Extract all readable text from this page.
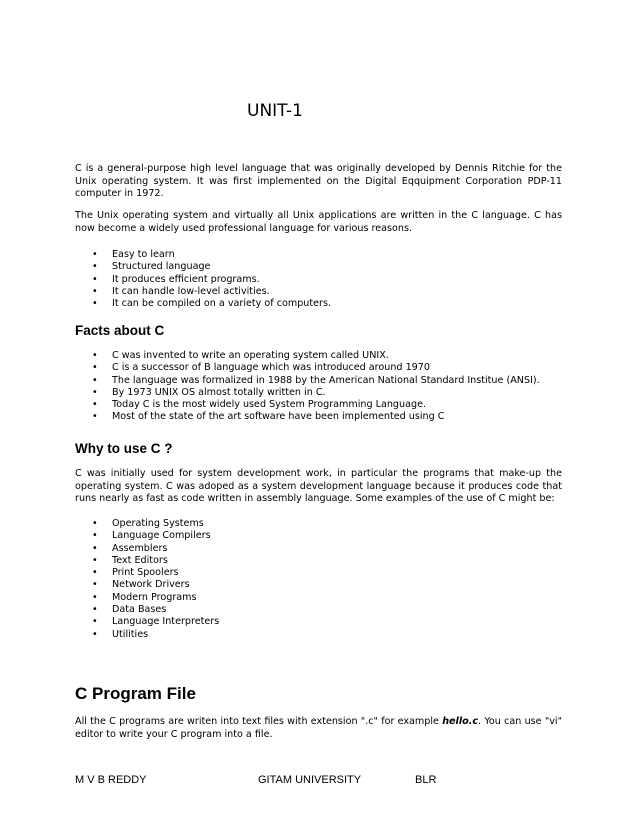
UNIT-1

C is a general-purpose high level language that was originally developed by Dennis Ritchie for the Unix operating system. It was first implemented on the Digital Eqquipment Corporation PDP-11 computer in 1972.

The Unix operating system and virtually all Unix applications are written in the C language. C has now become a widely used professional language for various reasons.

• Easy to learn
• Structured language
• It produces efficient programs.
• It can handle low-level activities.
• It can be compiled on a variety of computers.
Facts about C
• C was invented to write an operating system called UNIX.
• C is a successor of B language which was introduced around 1970
• The language was formalized in 1988 by the American National Standard Institue (ANSI).
• By 1973 UNIX OS almost totally written in C.
• Today C is the most widely used System Programming Language.
• Most of the state of the art software have been implemented using C
Why to use C ?

C was initially used for system development work, in particular the programs that make-up the operating system. C was adoped as a system development language because it produces code that runs nearly as fast as code written in assembly language. Some examples of the use of C might be:

• Operating Systems
• Language Compilers
• Assemblers
• Text Editors
• Print Spoolers
• Network Drivers
• Modern Programs
• Data Bases
• Language Interpreters
• Utilities
C Program File

All the C programs are writen into text files with extension ".c" for example hello.c. You can use "vi" editor to write your C program into a file.

M V B REDDY	GITAM UNIVERSITY	BLR
